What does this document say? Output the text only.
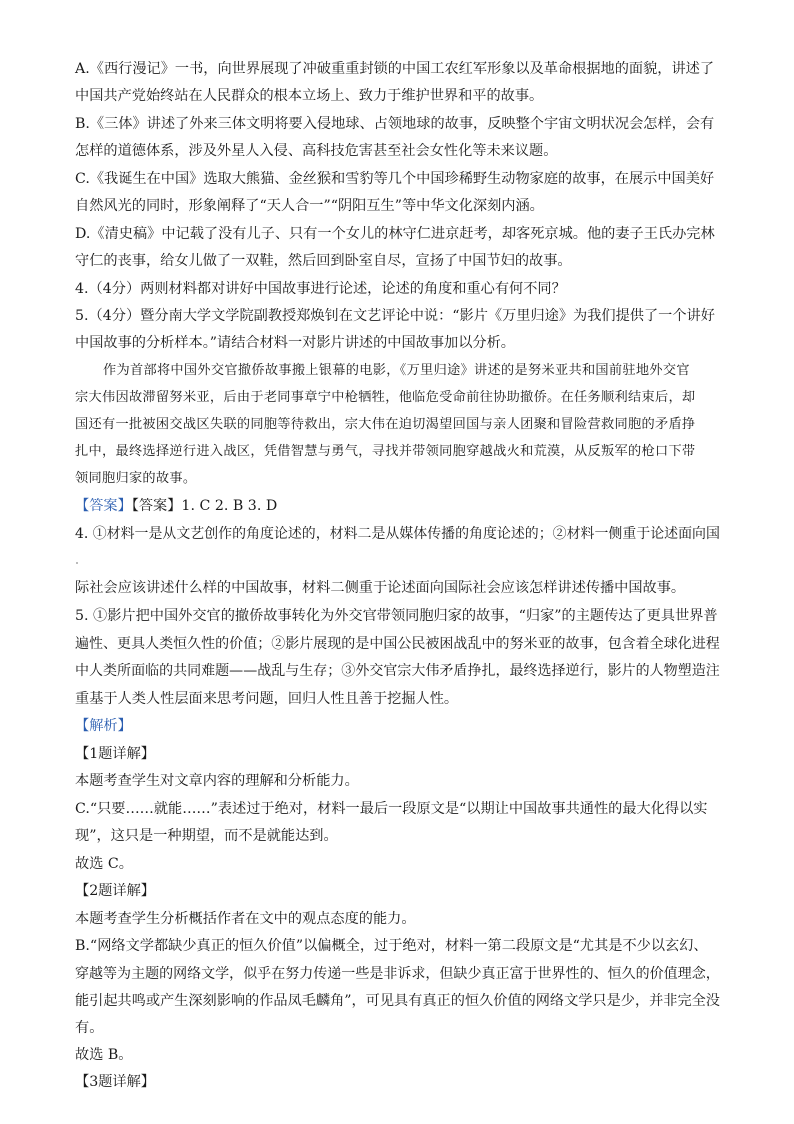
A.《西行漫记》一书，向世界展现了冲破重重封锁的中国工农红军形象以及革命根据地的面貌，讲述了
中国共产党始终站在人民群众的根本立场上、致力于维护世界和平的故事。
B.《三体》讲述了外来三体文明将要入侵地球、占领地球的故事，反映整个宇宙文明状况会怎样，会有
怎样的道德体系，涉及外星人入侵、高科技危害甚至社会女性化等未来议题。
C.《我诞生在中国》选取大熊猫、金丝猴和雪豹等几个中国珍稀野生动物家庭的故事，在展示中国美好
自然风光的同时，形象阐释了“天人合一”“阴阳互生”等中华文化深刻内涵。
D.《清史稿》中记载了没有儿子、只有一个女儿的林守仁进京赶考，却客死京城。他的妻子王氏办完林
守仁的丧事，给女儿做了一双鞋，然后回到卧室自尽，宣扬了中国节妇的故事。
4.（4分）两则材料都对讲好中国故事进行论述，论述的角度和重心有何不同？
5.（4分）暨分南大学文学院副教授郑焕钊在文艺评论中说：“影片《万里归途》为我们提供了一个讲好
中国故事的分析样本。”请结合材料一对影片讲述的中国故事加以分析。
作为首部将中国外交官撤侨故事搬上银幕的电影，《万里归途》讲述的是努米亚共和国前驻地外交官
宗大伟因故滞留努米亚，后由于老同事章宁中枪牺牲，他临危受命前往协助撤侨。在任务顺利结束后，却
国还有一批被困交战区失联的同胞等待救出，宗大伟在迫切渴望回国与亲人团聚和冒险营救同胞的矛盾挣
扎中，最终选择逆行进入战区，凭借智慧与勇气，寻找并带领同胞穿越战火和荒漠，从反叛军的枪口下带
领同胞归家的故事。
【答案】【答案】1. C 2. B 3. D
4. ①材料一是从文艺创作的角度论述的，材料二是从媒体传播的角度论述的；②材料一侧重于论述面向国
际社会应该讲述什么样的中国故事，材料二侧重于论述面向国际社会应该怎样讲述传播中国故事。
5. ①影片把中国外交官的撤侨故事转化为外交官带领同胞归家的故事，“归家”的主题传达了更具世界普
遍性、更具人类恒久性的价值；②影片展现的是中国公民被困战乱中的努米亚的故事，包含着全球化进程
中人类所面临的共同难题——战乱与生存；③外交官宗大伟矛盾挣扎，最终选择逆行，影片的人物塑造注
重基于人类人性层面来思考问题，回归人性且善于挖掘人性。
【解析】
【1题详解】
本题考查学生对文章内容的理解和分析能力。
C.“只要……就能……”表述过于绝对，材料一最后一段原文是“以期让中国故事共通性的最大化得以实
现”，这只是一种期望，而不是就能达到。
故选 C。
【2题详解】
本题考查学生分析概括作者在文中的观点态度的能力。
B.“网络文学都缺少真正的恒久价值”以偏概全，过于绝对，材料一第二段原文是“尤其是不少以玄幻、
穿越等为主题的网络文学，似乎在努力传递一些是非诉求，但缺少真正富于世界性的、恒久的价值理念，
能引起共鸣或产生深刻影响的作品凤毛麟角”，可见具有真正的恒久价值的网络文学只是少，并非完全没
有。
故选 B。
【3题详解】
